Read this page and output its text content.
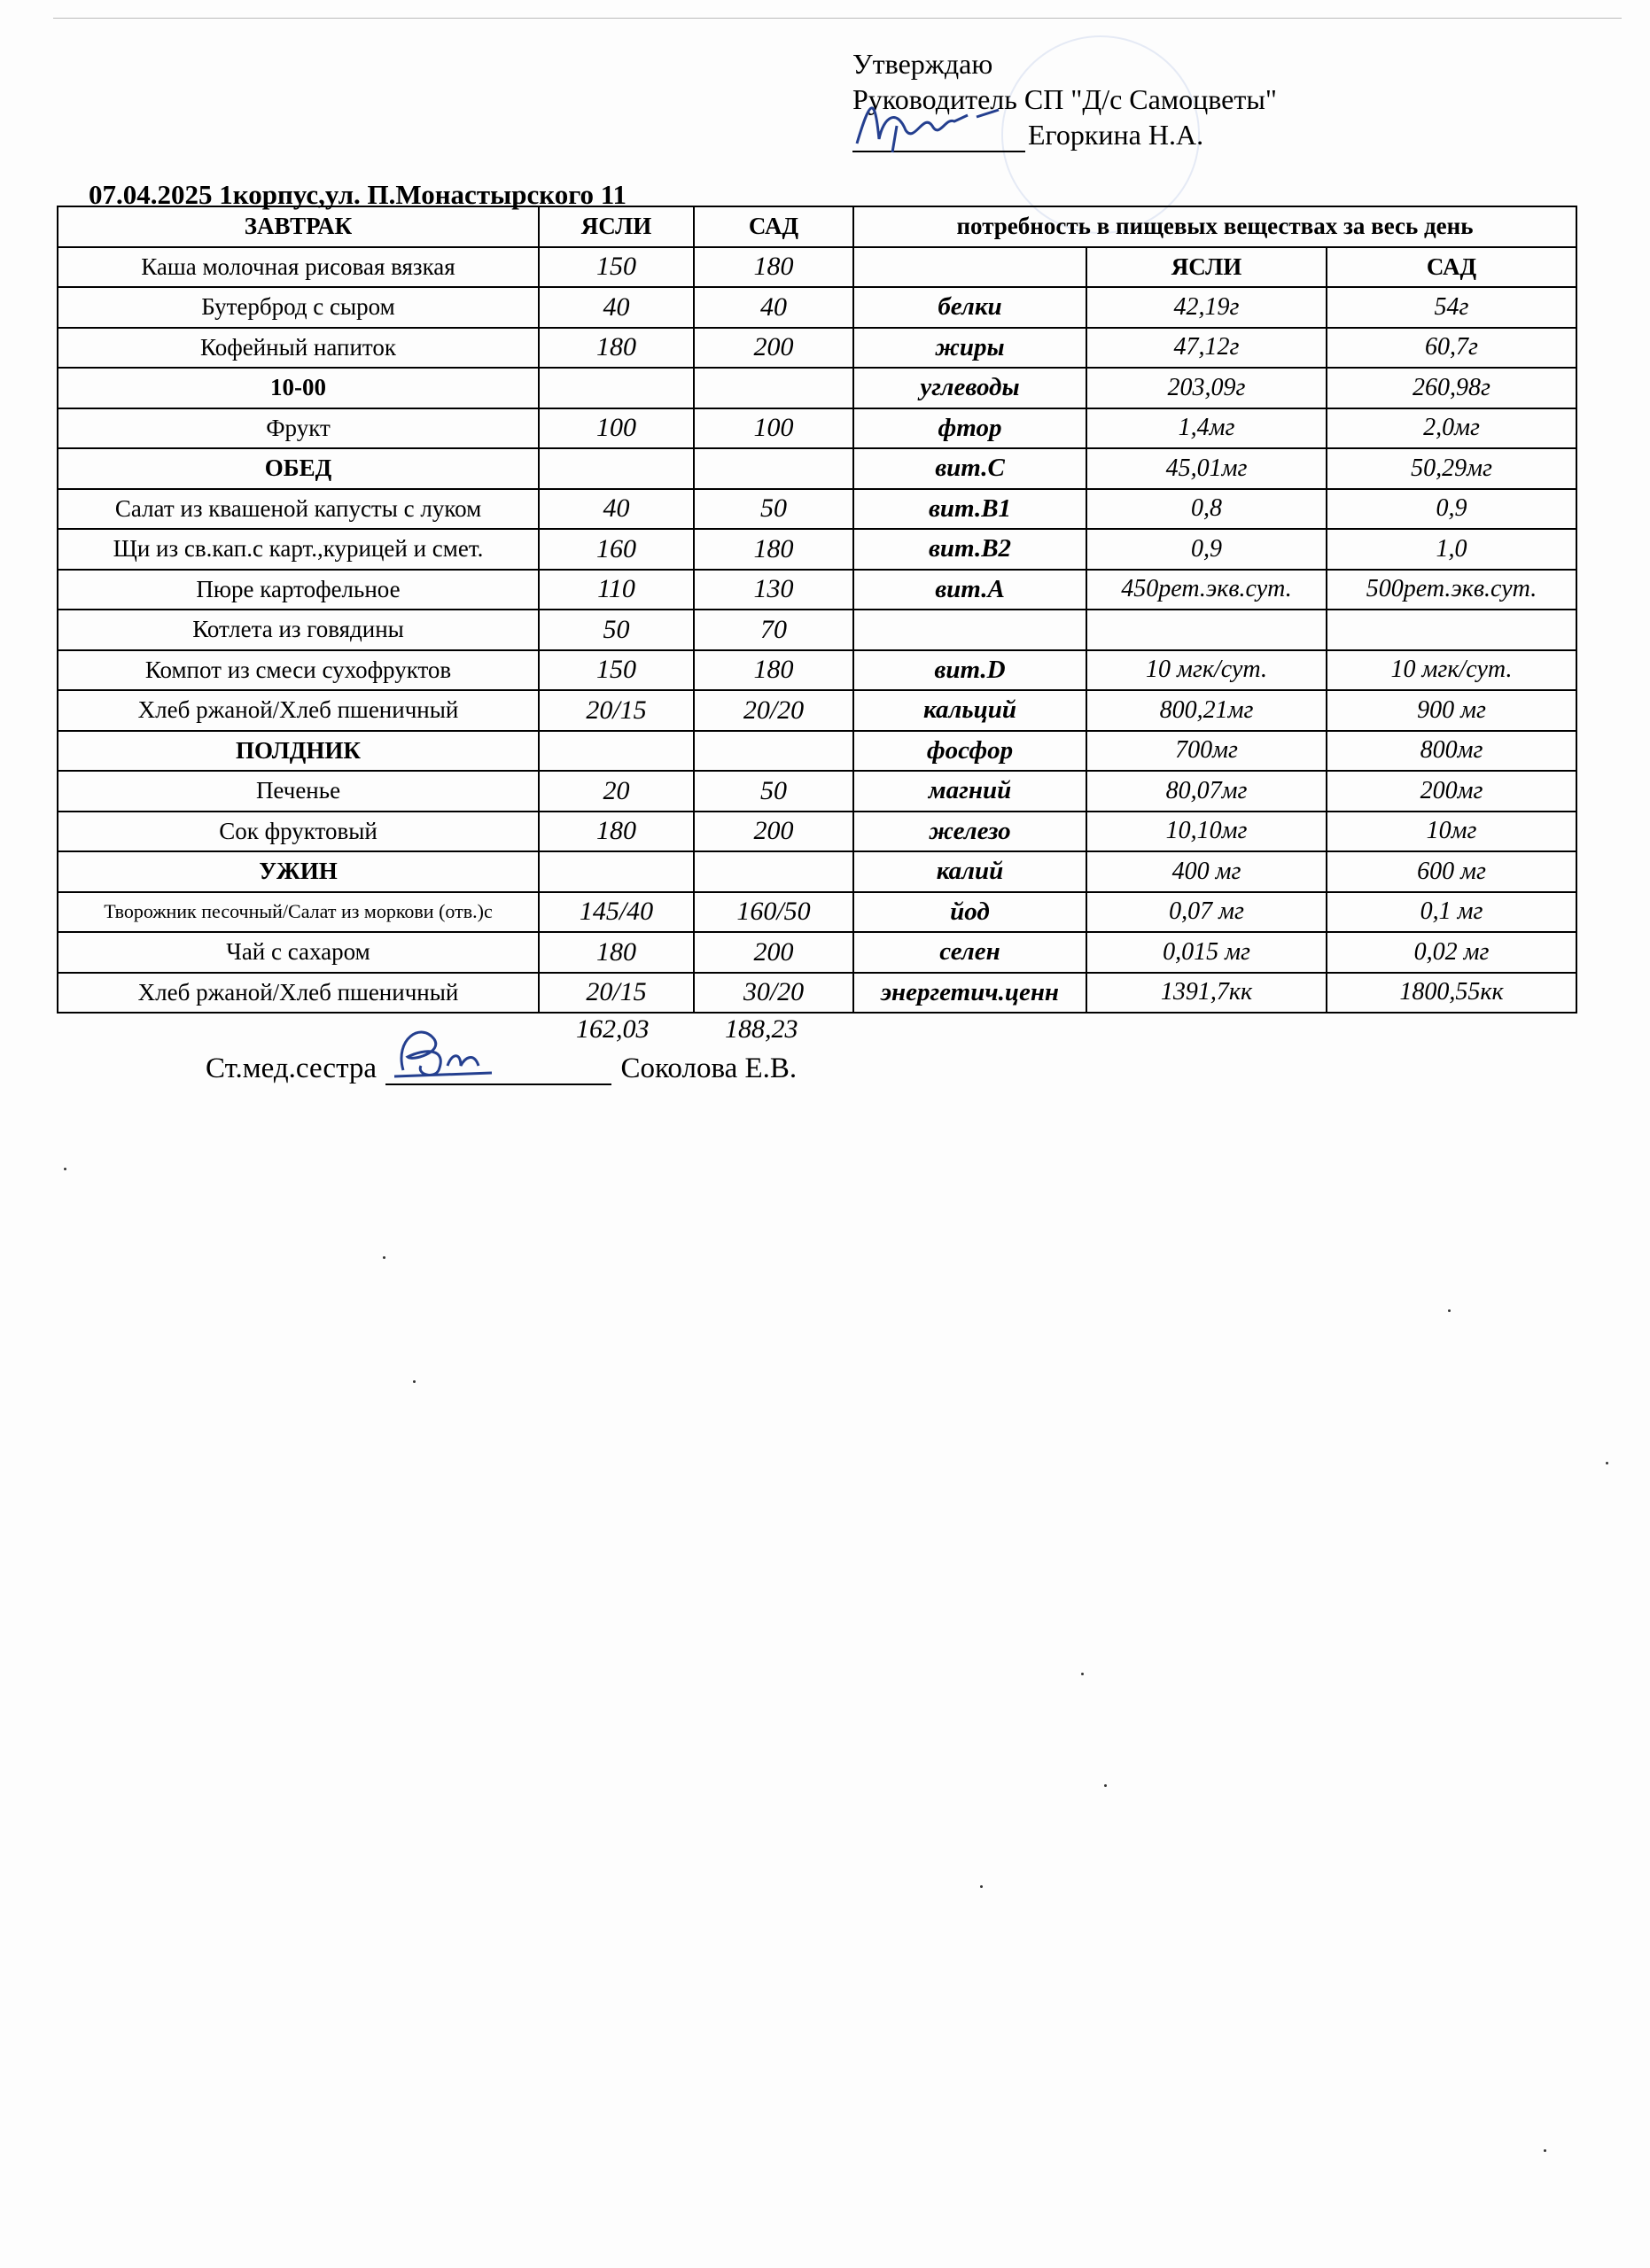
Утверждаю
Руководитель СП "Д/с Самоцветы"
Егоркина Н.А.
07.04.2025 1корпус,ул. П.Монастырского 11
ЗАВТРАК	ЯСЛИ	САД	потребность в пищевых веществах за весь день		
Каша молочная рисовая вязкая	150	180		ЯСЛИ	САД
Бутерброд с сыром	40	40	белки	42,19г	54г
Кофейный напиток	180	200	жиры	47,12г	60,7г
10-00			углеводы	203,09г	260,98г
Фрукт	100	100	фтор	1,4мг	2,0мг
ОБЕД			вит.С	45,01мг	50,29мг
Салат из квашеной капусты с луком	40	50	вит.В1	0,8	0,9
Щи из св.кап.с карт.,курицей и смет.	160	180	вит.В2	0,9	1,0
Пюре картофельное	110	130	вит.А	450рет.экв.сут.	500рет.экв.сут.
Котлета из говядины	50	70			
Компот из смеси сухофруктов	150	180	вит.D	10 мгк/сут.	10 мгк/сут.
Хлеб ржаной/Хлеб пшеничный	20/15	20/20	кальций	800,21мг	900 мг
ПОЛДНИК			фосфор	700мг	800мг
Печенье	20	50	магний	80,07мг	200мг
Сок фруктовый	180	200	железо	10,10мг	10мг
УЖИН			калий	400 мг	600 мг
Творожник песочный/Салат из моркови (отв.)с	145/40	160/50	йод	0,07 мг	0,1 мг
Чай с сахаром	180	200	селен	0,015 мг	0,02 мг
Хлеб ржаной/Хлеб пшеничный	20/15	30/20	энергетич.ценн	1391,7кк	1800,55кк
162,03	188,23
Ст.мед.сестра	Соколова Е.В.
